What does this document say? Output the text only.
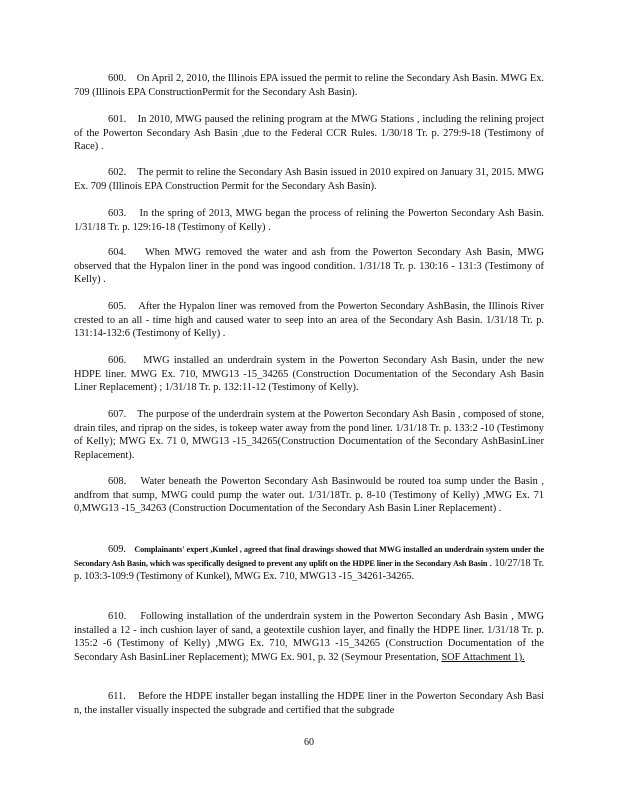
600. On April 2, 2010, the Illinois EPA issued the permit to reline the Secondary Ash Basin. MWG Ex. 709 (Illinois EPA ConstructionPermit for the Secondary Ash Basin).

601. In 2010, MWG paused the relining program at the MWG Stations , including the relining project of the Powerton Secondary Ash Basin ,due to the Federal CCR Rules. 1/30/18 Tr. p. 279:9-18 (Testimony of Race) .

602. The permit to reline the Secondary Ash Basin issued in 2010 expired on January 31, 2015. MWG Ex. 709 (Illinois EPA Construction Permit for the Secondary Ash Basin).

603. In the spring of 2013, MWG began the process of relining the Powerton Secondary Ash Basin. 1/31/18 Tr. p. 129:16-18 (Testimony of Kelly) .

604. When MWG removed the water and ash from the Powerton Secondary Ash Basin, MWG observed that the Hypalon liner in the pond was ingood condition. 1/31/18 Tr. p. 130:16 - 131:3 (Testimony of Kelly) .

605. After the Hypalon liner was removed from the Powerton Secondary AshBasin, the Illinois River crested to an all - time high and caused water to seep into an area of the Secondary Ash Basin. 1/31/18 Tr. p. 131:14-132:6 (Testimony of Kelly) .

606. MWG installed an underdrain system in the Powerton Secondary Ash Basin, under the new HDPE liner. MWG Ex. 710, MWG13 -15_34265 (Construction Documentation of the Secondary Ash Basin Liner Replacement) ; 1/31/18 Tr. p. 132:11-12 (Testimony of Kelly).

607. The purpose of the underdrain system at the Powerton Secondary Ash Basin , composed of stone, drain tiles, and riprap on the sides, is tokeep water away from the pond liner. 1/31/18 Tr. p. 133:2 -10 (Testimony of Kelly); MWG Ex. 71 0, MWG13 -15_34265(Construction Documentation of the Secondary AshBasinLiner Replacement).

608. Water beneath the Powerton Secondary Ash Basinwould be routed toa sump under the Basin , andfrom that sump, MWG could pump the water out. 1/31/18Tr. p. 8-10 (Testimony of Kelly) ,MWG Ex. 71 0,MWG13 -15_34263 (Construction Documentation of the Secondary Ash Basin Liner Replacement) .

609. Complainants' expert ,Kunkel , agreed that final drawings showed that MWG installed an underdrain system under the Secondary Ash Basin, which was specifically designed to prevent any uplift on the HDPE liner in the Secondary Ash Basin . 10/27/18 Tr. p. 103:3-109:9 (Testimony of Kunkel), MWG Ex. 710, MWG13 -15_34261-34265.

610. Following installation of the underdrain system in the Powerton Secondary Ash Basin , MWG installed a 12 - inch cushion layer of sand, a geotextile cushion layer, and finally the HDPE liner. 1/31/18 Tr. p. 135:2 -6 (Testimony of Kelly) ,MWG Ex. 710, MWG13 -15_34265 (Construction Documentation of the Secondary Ash BasinLiner Replacement); MWG Ex. 901, p. 32 (Seymour Presentation, SOF Attachment 1).

611. Before the HDPE installer began installing the HDPE liner in the Powerton Secondary Ash Basi n, the installer visually inspected the subgrade and certified that the subgrade

60
